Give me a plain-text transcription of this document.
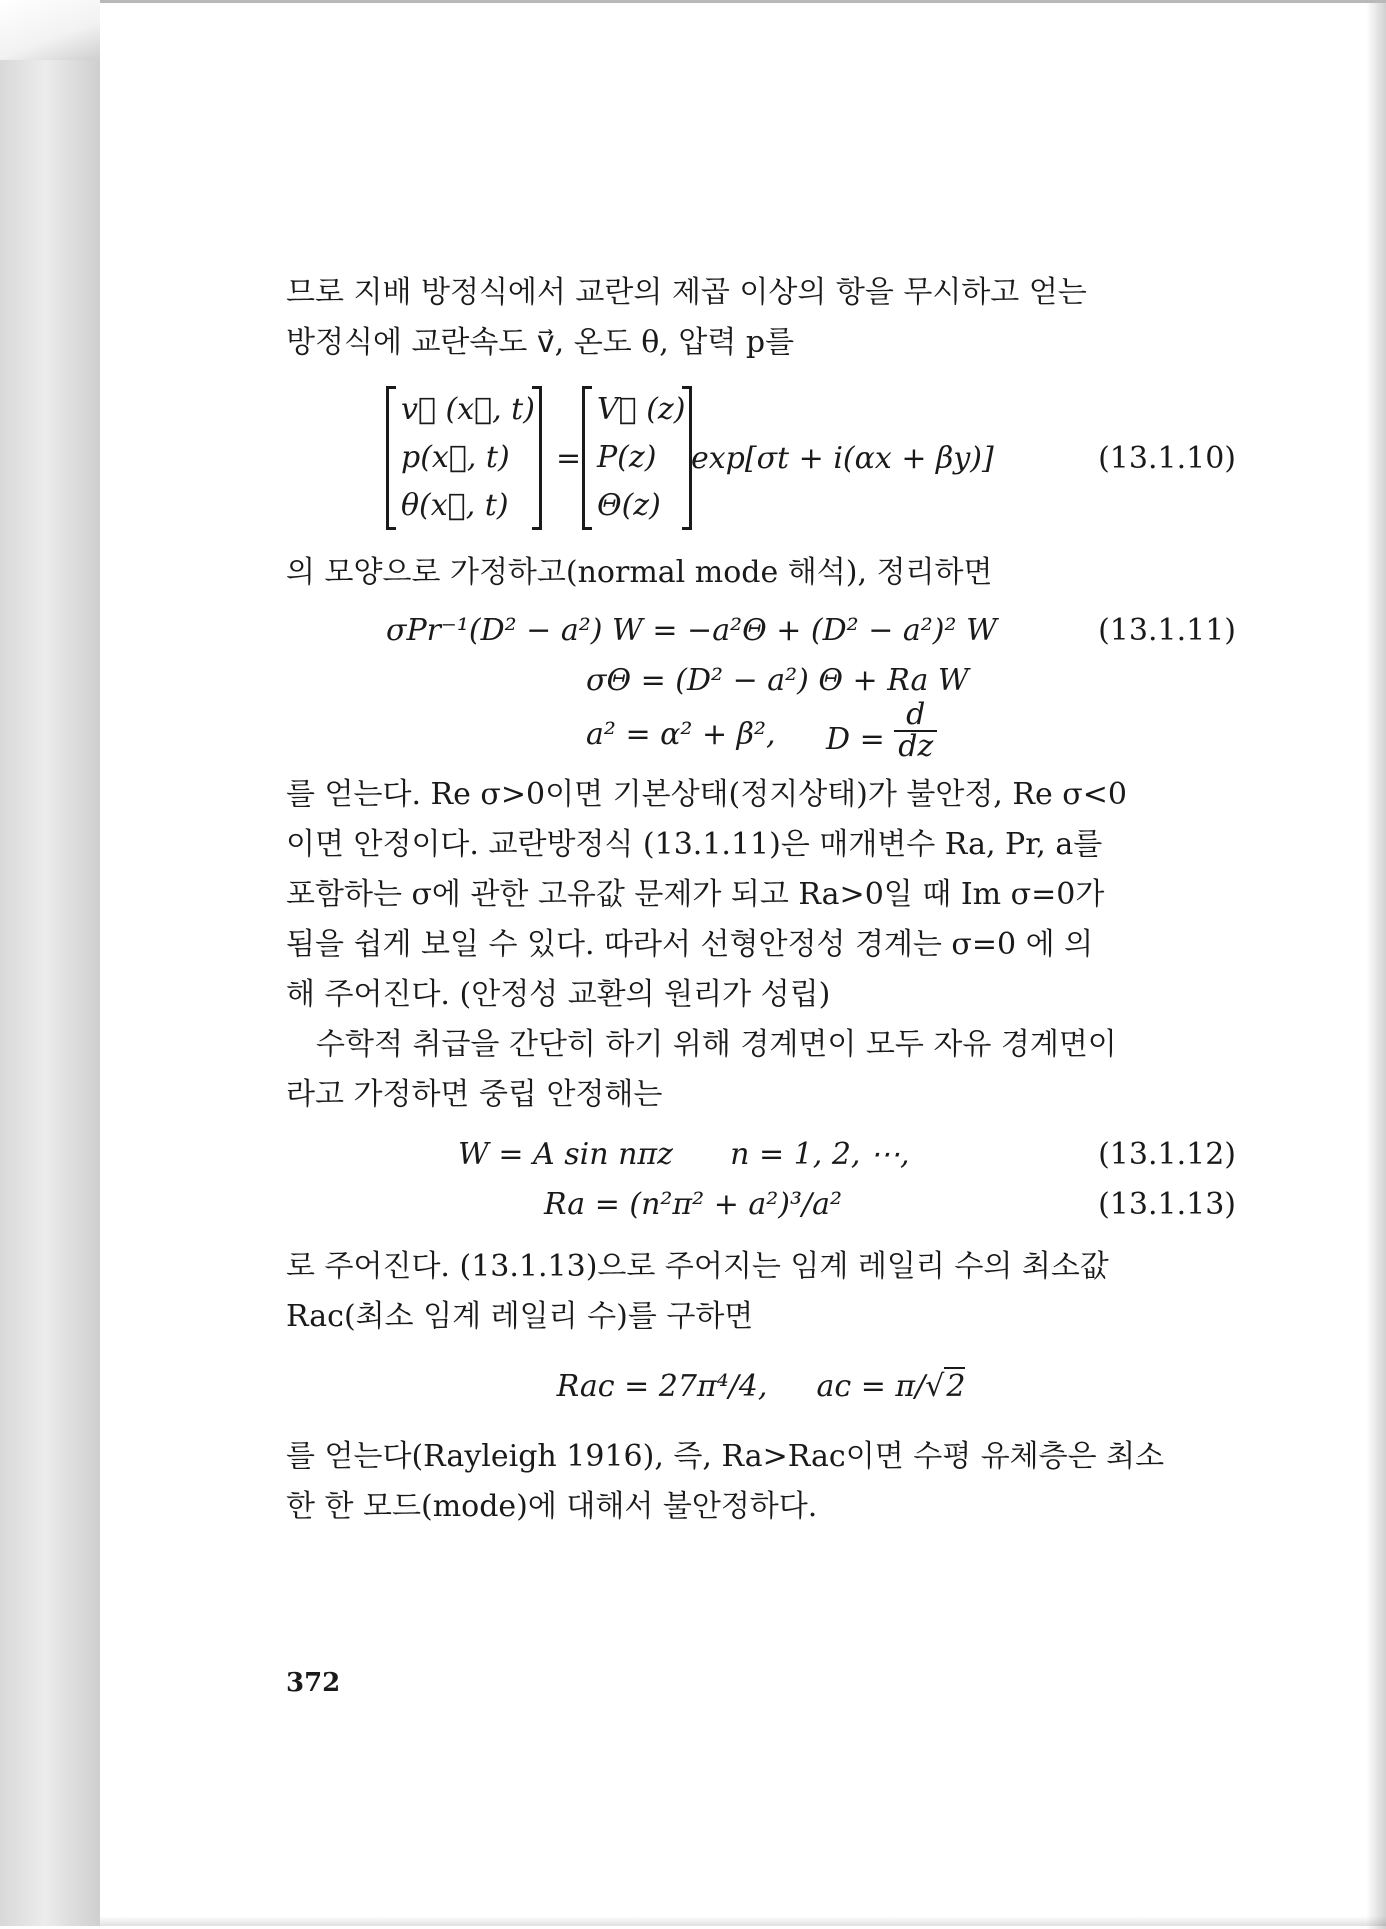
므로 지배 방정식에서 교란의 제곱 이상의 항을 무시하고 얻는

방정식에 교란속도 v⃗, 온도 θ, 압력 p를

v⃗ (x⃗, t)
p(x⃗, t)
θ(x⃗, t)
=
V⃗ (z)
P(z)
Θ(z)
exp[σt + i(αx + βy)]	(13.1.10)

의 모양으로 가정하고(normal mode 해석), 정리하면

σPr⁻¹(D² − a²) W = −a²Θ + (D² − a²)² W	(13.1.11)
σΘ = (D² − a²) Θ + Ra W
a² = α² + β², $D = \frac{d}{dz}$

를 얻는다. Re σ>0이면 기본상태(정지상태)가 불안정, Re σ<0

이면 안정이다. 교란방정식 (13.1.11)은 매개변수 Ra, Pr, a를

포함하는 σ에 관한 고유값 문제가 되고 Ra>0일 때 Im σ=0가

됨을 쉽게 보일 수 있다. 따라서 선형안정성 경계는 σ=0 에 의

해 주어진다. (안정성 교환의 원리가 성립)

수학적 취급을 간단히 하기 위해 경계면이 모두 자유 경계면이

라고 가정하면 중립 안정해는

W = A sin nπz      n = 1, 2, ⋯,	(13.1.12)
Ra = (n²π² + a²)³/a²	(13.1.13)

로 주어진다. (13.1.13)으로 주어지는 임계 레일리 수의 최소값

Raᴄ(최소 임계 레일리 수)를 구하면

Raᴄ = 27π⁴/4, aᴄ = π/√2

를 얻는다(Rayleigh 1916), 즉, Ra>Raᴄ이면 수평 유체층은 최소

한 한 모드(mode)에 대해서 불안정하다.

372
